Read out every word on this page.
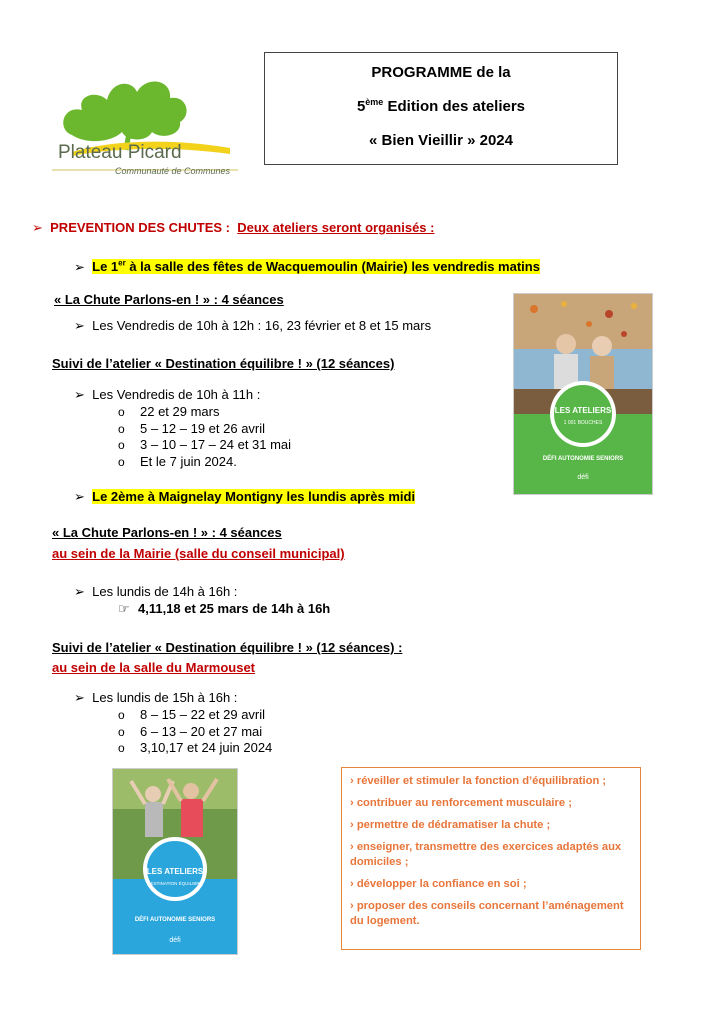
Plateau Picard
Communauté de Communes
PROGRAMME de la
5ème Edition des ateliers
« Bien Vieillir » 2024
➢ PREVENTION DES CHUTES : Deux ateliers seront organisés :
➢ Le 1er à la salle des fêtes de Wacquemoulin (Mairie) les vendredis matins
« La Chute Parlons-en ! » : 4 séances
➢ Les Vendredis de 10h à 12h : 16, 23 février et 8 et 15 mars
Suivi de l’atelier « Destination équilibre ! » (12 séances)
➢ Les Vendredis de 10h à 11h :
o 22 et 29 mars
o 5 – 12 – 19 et 26 avril
o 3 – 10 – 17 – 24 et 31 mai
o Et le 7 juin 2024.
➢ Le 2ème à Maignelay Montigny les lundis après midi
« La Chute Parlons-en ! » : 4 séances
au sein de la Mairie (salle du conseil municipal)
➢ Les lundis de 14h à 16h :
☞ 4,11,18 et 25 mars de 14h à 16h
Suivi de l’atelier « Destination équilibre ! » (12 séances) :
au sein de la salle du Marmouset
➢ Les lundis de 15h à 16h :
o 8 – 15 – 22 et 29 avril
o 6 – 13 – 20 et 27 mai
o 3,10,17 et 24 juin 2024
LES ATELIERS
1 001 BOUCHES
DÉFI AUTONOMIE SENIORS
défi
LES ATELIERS
DESTINATION ÉQUILIBRE
DÉFI AUTONOMIE SENIORS
défi
› réveiller et stimuler la fonction d’équilibration ;
› contribuer au renforcement musculaire ;
› permettre de dédramatiser la chute ;
› enseigner, transmettre des exercices adaptés aux domiciles ;
› développer la confiance en soi ;
› proposer des conseils concernant l’aménagement du logement.
